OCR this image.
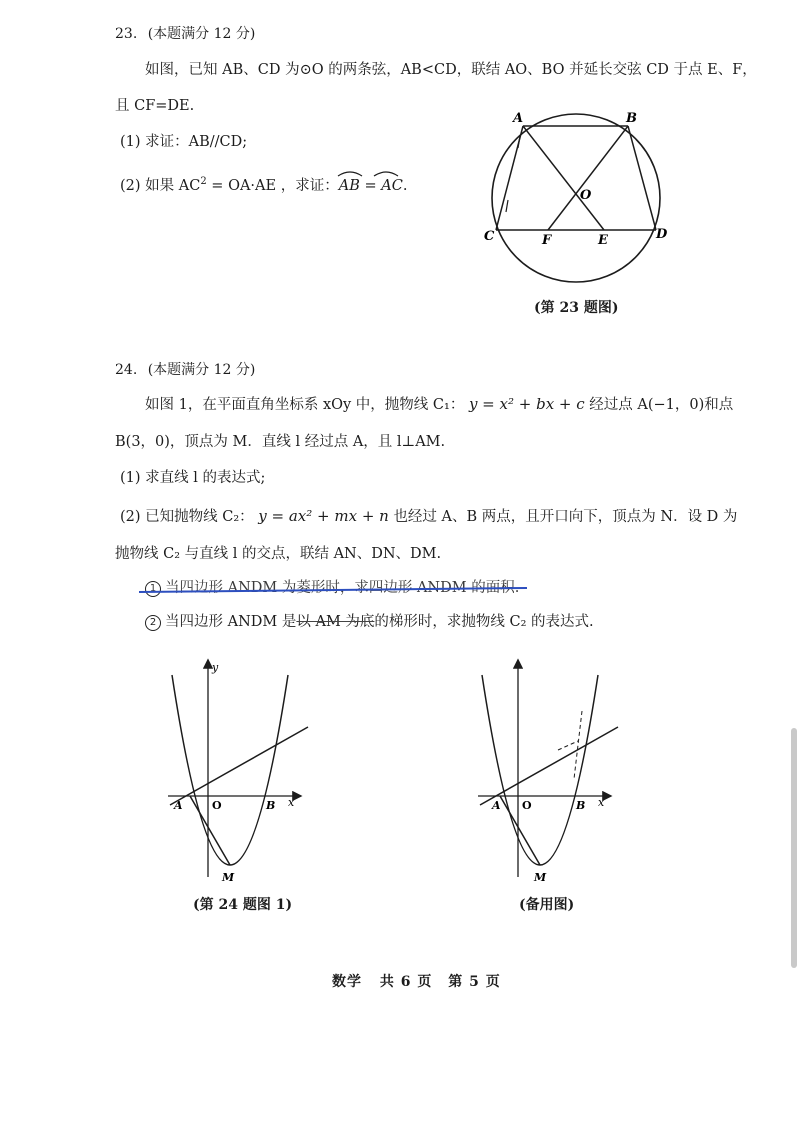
23. (本题满分 12 分)
如图，已知 AB、CD 为⊙O 的两条弦，AB<CD，联结 AO、BO 并延长交弦 CD 于点 E、F，
且 CF=DE.
(1) 求证：AB//CD;
(2) 如果 $AC^2 = OA\cdot AE$ ，求证：AB = AC.
A	B
C	D
O
E
F
(第 23 题图)
24. (本题满分 12 分)
如图 1，在平面直角坐标系 xOy 中，抛物线 C₁： y = x² + bx + c 经过点 A(−1，0)和点
B(3，0)，顶点为 M．直线 l 经过点 A，且 l⊥AM.
(1) 求直线 l 的表达式;
(2) 已知抛物线 C₂： y = ax² + mx + n 也经过 A、B 两点，且开口向下，顶点为 N．设 D 为
抛物线 C₂ 与直线 l 的交点，联结 AN、DN、DM.
1 当四边形 ANDM 为菱形时，求四边形 ANDM 的面积.
2 当四边形 ANDM 是以 AM 为底的梯形时，求抛物线 C₂ 的表达式.
y
x
O
A	B
M
(第 24 题图 1)
A O	B x
M
(备用图)
数学 共 6 页 第 5 页
